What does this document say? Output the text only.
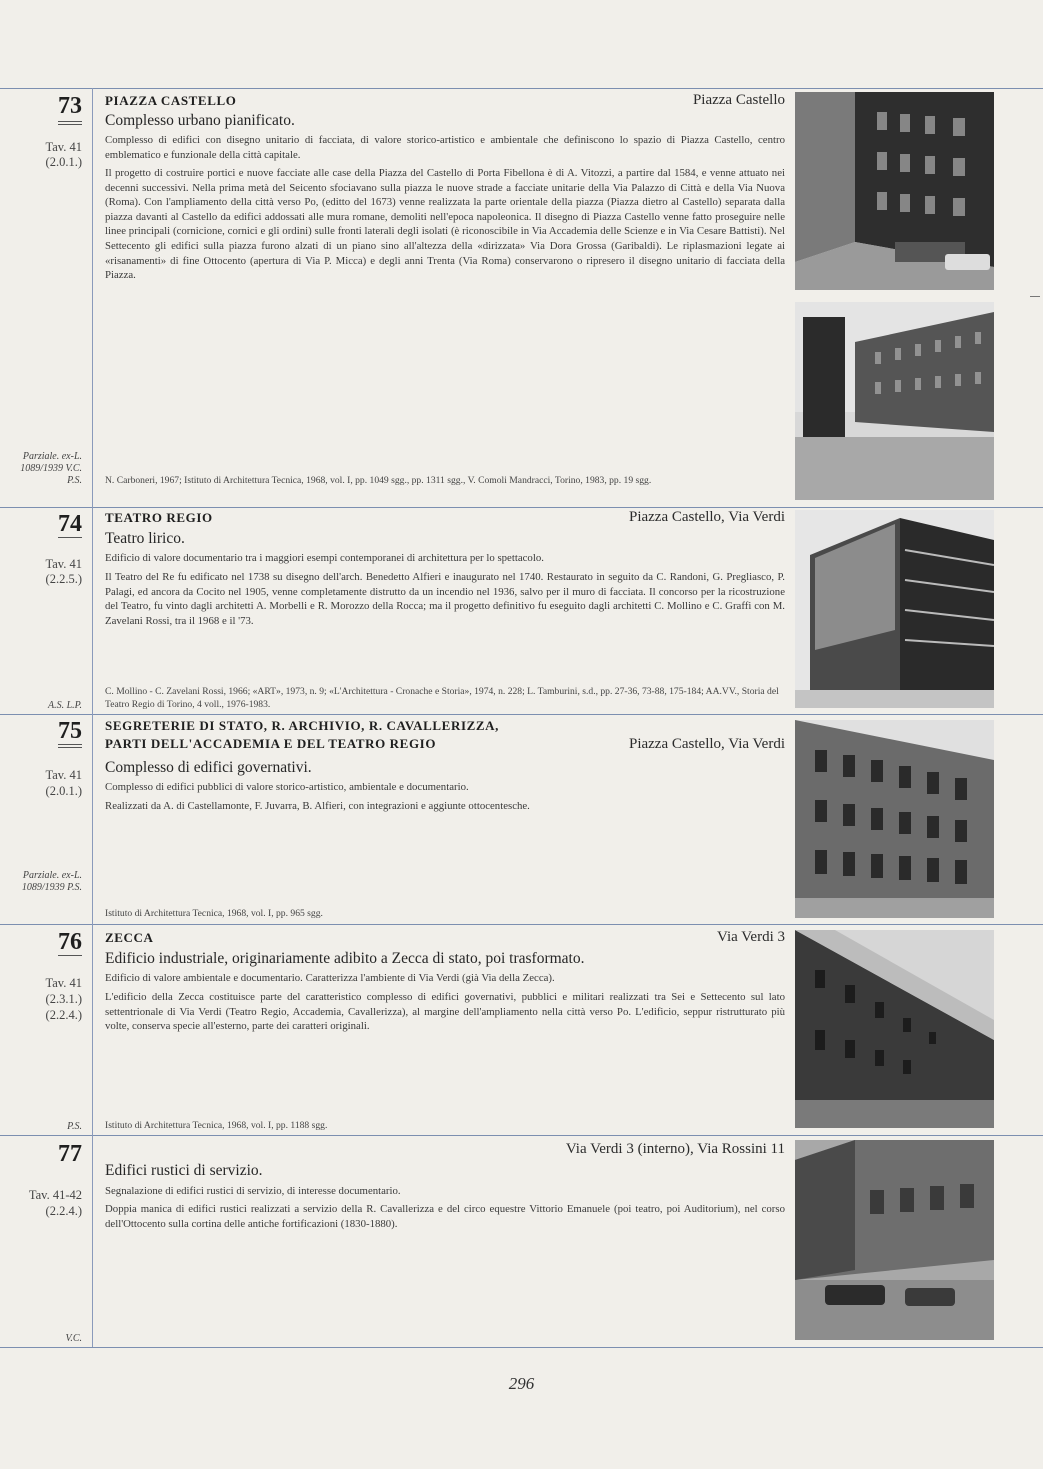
73
Tav. 41
(2.0.1.)
Parziale. ex-L. 1089/1939 V.C. P.S.
PIAZZA CASTELLO	Piazza Castello
Complesso urbano pianificato.
Complesso di edifici con disegno unitario di facciata, di valore storico-artistico e ambientale che definiscono lo spazio di Piazza Castello, centro emblematico e funzionale della città capitale.
Il progetto di costruire portici e nuove facciate alle case della Piazza del Castello di Porta Fibellona è di A. Vitozzi, a partire dal 1584, e venne attuato nei decenni successivi. Nella prima metà del Seicento sfociavano sulla piazza le nuove strade a facciate unitarie della Via Palazzo di Città e della Via Nuova (Roma). Con l'ampliamento della città verso Po, (editto del 1673) venne realizzata la parte orientale della piazza (Piazza dietro al Castello) separata dalla piazza davanti al Castello da edifici addossati alle mura romane, demoliti nell'epoca napoleonica. Il disegno di Piazza Castello venne fatto proseguire nelle linee principali (cornicione, cornici e gli ordini) sulle fronti laterali degli isolati (è riconoscibile in Via Accademia delle Scienze e in Via Cesare Battisti). Nel Settecento gli edifici sulla piazza furono alzati di un piano sino all'altezza della «dirizzata» Via Dora Grossa (Garibaldi). Le riplasmazioni legate ai «risanamenti» di fine Ottocento (apertura di Via P. Micca) e degli anni Trenta (Via Roma) conservarono o ripresero il disegno unitario di facciata della Piazza.
N. Carboneri, 1967; Istituto di Architettura Tecnica, 1968, vol. I, pp. 1049 sgg., pp. 1311 sgg., V. Comoli Mandracci, Torino, 1983, pp. 19 sgg.
74
Tav. 41
(2.2.5.)
A.S. L.P.
TEATRO REGIO	Piazza Castello, Via Verdi
Teatro lirico.
Edificio di valore documentario tra i maggiori esempi contemporanei di architettura per lo spettacolo.
Il Teatro del Re fu edificato nel 1738 su disegno dell'arch. Benedetto Alfieri e inaugurato nel 1740. Restaurato in seguito da C. Randoni, G. Pregliasco, P. Palagi, ed ancora da Cocito nel 1905, venne completamente distrutto da un incendio nel 1936, salvo per il muro di facciata. Il concorso per la ricostruzione del Teatro, fu vinto dagli architetti A. Morbelli e R. Morozzo della Rocca; ma il progetto definitivo fu eseguito dagli architetti C. Mollino e C. Graffi con M. Zavelani Rossi, tra il 1968 e il '73.
C. Mollino - C. Zavelani Rossi, 1966; «ART», 1973, n. 9; «L'Architettura - Cronache e Storia», 1974, n. 228; L. Tamburini, s.d., pp. 27-36, 73-88, 175-184; AA.VV., Storia del Teatro Regio di Torino, 4 voll., 1976-1983.
75
Tav. 41
(2.0.1.)
Parziale. ex-L. 1089/1939 P.S.
SEGRETERIE DI STATO, R. ARCHIVIO, R. CAVALLERIZZA,
PARTI DELL'ACCADEMIA E DEL TEATRO REGIO	Piazza Castello, Via Verdi
Complesso di edifici governativi.
Complesso di edifici pubblici di valore storico-artistico, ambientale e documentario.
Realizzati da A. di Castellamonte, F. Juvarra, B. Alfieri, con integrazioni e aggiunte ottocentesche.
Istituto di Architettura Tecnica, 1968, vol. I, pp. 965 sgg.
76
Tav. 41
(2.3.1.) (2.2.4.)
P.S.
ZECCA	Via Verdi 3
Edificio industriale, originariamente adibito a Zecca di stato, poi trasformato.
Edificio di valore ambientale e documentario. Caratterizza l'ambiente di Via Verdi (già Via della Zecca).
L'edificio della Zecca costituisce parte del caratteristico complesso di edifici governativi, pubblici e militari realizzati tra Sei e Settecento sul lato settentrionale di Via Verdi (Teatro Regio, Accademia, Cavallerizza), al margine dell'ampliamento nella città verso Po. L'edificio, seppur ristrutturato più volte, conserva specie all'esterno, parte dei caratteri originali.
Istituto di Architettura Tecnica, 1968, vol. I, pp. 1188 sgg.
77
Tav. 41-42
(2.2.4.)
V.C.
Via Verdi 3 (interno), Via Rossini 11
Edifici rustici di servizio.
Segnalazione di edifici rustici di servizio, di interesse documentario.
Doppia manica di edifici rustici realizzati a servizio della R. Cavallerizza e del circo equestre Vittorio Emanuele (poi teatro, poi Auditorium), nel corso dell'Ottocento sulla cortina delle antiche fortificazioni (1830-1880).
296
